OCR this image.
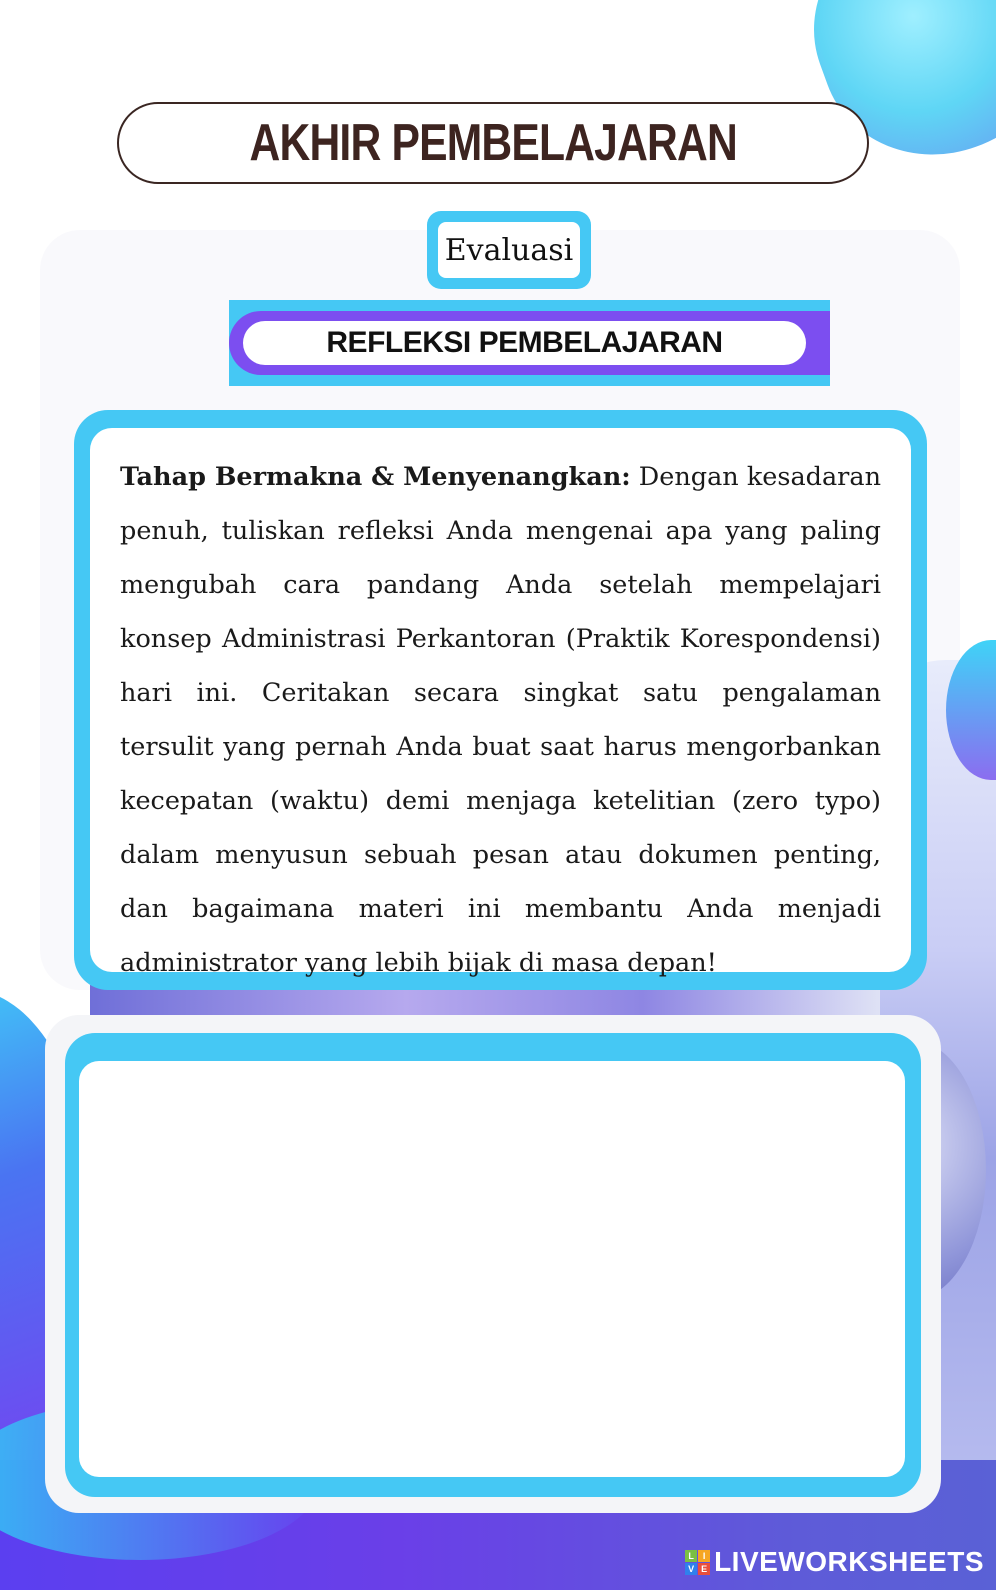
AKHIR PEMBELAJARAN
Evaluasi
REFLEKSI PEMBELAJARAN

Tahap Bermakna & Menyenangkan: Dengan kesadaran penuh, tuliskan refleksi Anda mengenai apa yang paling mengubah cara pandang Anda setelah mempelajari konsep Administrasi Perkantoran (Praktik Korespondensi) hari ini. Ceritakan secara singkat satu pengalaman tersulit yang pernah Anda buat saat harus mengorbankan kecepatan (waktu) demi menjaga ketelitian (zero typo) dalam menyusun sebuah pesan atau dokumen penting, dan bagaimana materi ini membantu Anda menjadi administrator yang lebih bijak di masa depan!

L I
V E LIVEWORKSHEETS
